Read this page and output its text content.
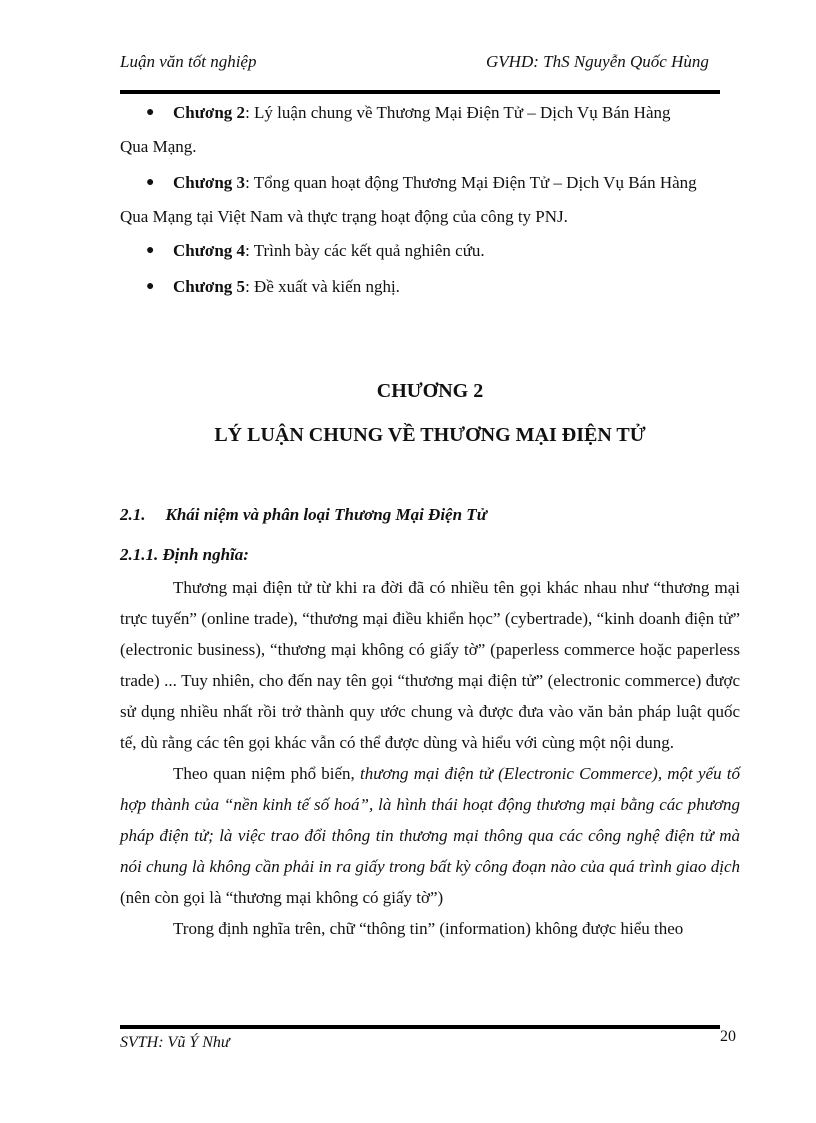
Luận văn tốt nghiệp	GVHD: ThS Nguyễn Quốc Hùng
●	Chương 2: Lý luận chung về Thương Mại Điện Tử – Dịch Vụ Bán Hàng
Qua Mạng.
●	Chương 3: Tổng quan hoạt động Thương Mại Điện Tử – Dịch Vụ Bán Hàng
Qua Mạng tại Việt Nam và thực trạng hoạt động của công ty PNJ.
●	Chương 4: Trình bày các kết quả nghiên cứu.
●	Chương 5: Đề xuất và kiến nghị.
CHƯƠNG 2
LÝ LUẬN CHUNG VỀ THƯƠNG MẠI ĐIỆN TỬ
2.1. Khái niệm và phân loại Thương Mại Điện Tử
2.1.1. Định nghĩa:

Thương mại điện tử từ khi ra đời đã có nhiều tên gọi khác nhau như “thương mại trực tuyến” (online trade), “thương mại điều khiển học” (cybertrade), “kinh doanh điện tử” (electronic business), “thương mại không có giấy tờ” (paperless commerce hoặc paperless trade) ... Tuy nhiên, cho đến nay tên gọi “thương mại điện tử” (electronic commerce) được sử dụng nhiều nhất rồi trở thành quy ước chung và được đưa vào văn bản pháp luật quốc tế, dù rằng các tên gọi khác vẫn có thể được dùng và hiểu với cùng một nội dung.

Theo quan niệm phổ biến, thương mại điện tử (Electronic Commerce), một yếu tố hợp thành của “nền kinh tế số hoá”, là hình thái hoạt động thương mại bằng các phương pháp điện tử; là việc trao đổi thông tin thương mại thông qua các công nghệ điện tử mà nói chung là không cần phải in ra giấy trong bất kỳ công đoạn nào của quá trình giao dịch (nên còn gọi là “thương mại không có giấy tờ”)

Trong định nghĩa trên, chữ “thông tin” (information) không được hiểu theo

SVTH: Vũ Ý Như	20
